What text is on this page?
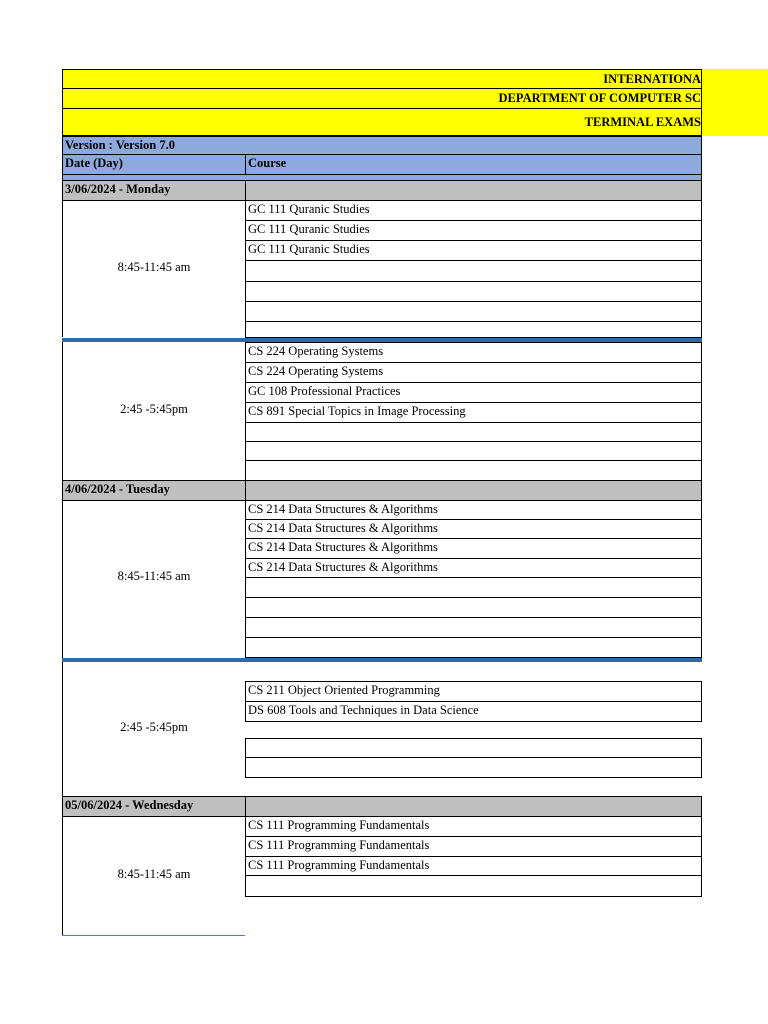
INTERNATIONA
DEPARTMENT OF COMPUTER SC
TERMINAL EXAMS
Version : Version 7.0
Date (Day)	Course
3/06/2024 - Monday
8:45-11:45 am
GC 111 Quranic Studies
GC 111 Quranic Studies
GC 111 Quranic Studies
2:45 -5:45pm
CS 224 Operating Systems
CS 224 Operating Systems
GC 108 Professional Practices
CS 891 Special Topics in Image Processing
4/06/2024 - Tuesday
8:45-11:45 am
CS 214 Data Structures & Algorithms
CS 214 Data Structures & Algorithms
CS 214 Data Structures & Algorithms
CS 214 Data Structures & Algorithms
2:45 -5:45pm
CS 211 Object Oriented Programming
DS 608 Tools and Techniques in Data Science
05/06/2024 - Wednesday
8:45-11:45 am
CS 111 Programming Fundamentals
CS 111 Programming Fundamentals
CS 111 Programming Fundamentals
